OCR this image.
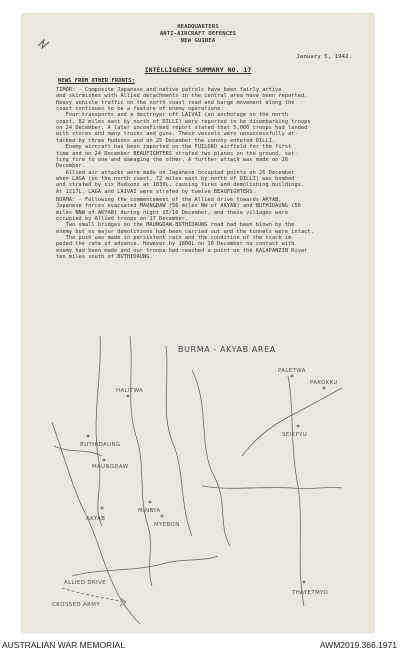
HEADQUARTERS
ANTI-AIRCRAFT DEFENCES
NEW GUINEA
January 5, 1942.
INTELLIGENCE SUMMARY NO. 17
NEWS FROM OTHER FRONTS:
TIMOR: - Composite Japanese and native patrols have been fairly active
and skirmishes with Allied detachments in the central area have been reported.
Heavy vehicle traffic on the north coast road and barge movement along the
coast continues to be a feature of enemy operations.
Four transports and a destroyer off LAIVAI (an anchorage on the north
coast, 82 miles east by north of DILLI) were reported to be disembarking troops
on 24 December. A later unconfirmed report stated that 5,000 troops had landed
with stores and many trucks and guns. These vessels were unsuccessfully at-
tacked by three Hudsons and on 25 December the convoy entered DILLI.
Enemy aircraft has been reported on the FUILORO airfield for the first
time and on 24 December BEAUFIGHTERS strafed two planes on the ground, set-
ting fire to one and damaging the other. A further attack was made on 26
December.
Allied air attacks were made on Japanese occupied points on 26 December
when LAGA (on the north coast, 72 miles east by north of DILLI) was bombed
and strafed by six Hudsons at 1030L, causing fires and demolishing buildings.
At 1217L, LAGA and LAIVAI were strafed by twelve BEAUFIGHTERS.
BURMA: - Following the commencement of the Allied drive towards AKYAB,
Japanese forces evacuated MAUNGDAW (56 miles NW of AKYAB) and BUTHIDAUNG (56
miles NNW of AKYAB) during night 15/16 December, and these villages were
occupied by Allied troops on 17 December.
Two small bridges on the MAUNGDAW-BUTHIDAUNG road had been blown by the
enemy but no major demolitions had been carried out and the tunnels were intact.
The push was made in persistent rain and the condition of the track im-
peded the rate of advance. However by 1800L on 16 December no contact with
enemy had been made and our troops had reached a point on the KALAPANZIN River
ten miles south of BUTHIDAUNG.
BURMA - AKYAB AREA
HALITWA
BUTHIDAUNG
MAUNGDAW
AKYAB
MINBYA
MYEBON
PALETWA
PAKOKKU
SEIKPYU
THAYETMYO
ALLIED DRIVE
CROSSED ARMY
AUSTRALIAN WAR MEMORIAL	AWM2019.366.1971
